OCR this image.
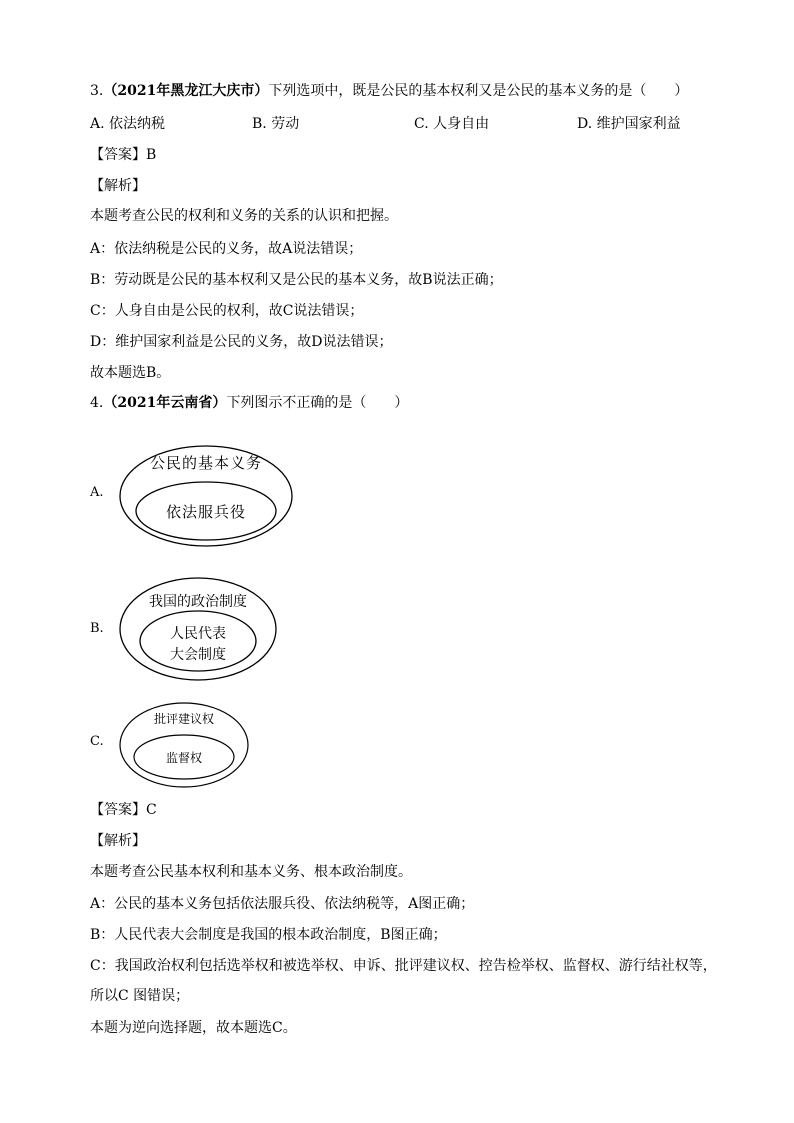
3.（2021年黑龙江大庆市）下列选项中，既是公民的基本权利又是公民的基本义务的是（　　）
A. 依法纳税	B. 劳动	C. 人身自由	D. 维护国家利益
【答案】B
【解析】
本题考查公民的权利和义务的关系的认识和把握。
A：依法纳税是公民的义务，故A说法错误；
B：劳动既是公民的基本权利又是公民的基本义务，故B说法正确；
C：人身自由是公民的权利，故C说法错误；
D：维护国家利益是公民的义务，故D说法错误；
故本题选B。
4.（2021年云南省）下列图示不正确的是（　　）
A.
公民的基本义务
依法服兵役
B.
我国的政治制度
人民代表
大会制度
C.
批评建议权
监督权
【答案】C
【解析】
本题考查公民基本权利和基本义务、根本政治制度。
A：公民的基本义务包括依法服兵役、依法纳税等，A图正确；
B：人民代表大会制度是我国的根本政治制度，B图正确；
C：我国政治权利包括选举权和被选举权、申诉、批评建议权、控告检举权、监督权、游行结社权等，
所以C 图错误；
本题为逆向选择题，故本题选C。
